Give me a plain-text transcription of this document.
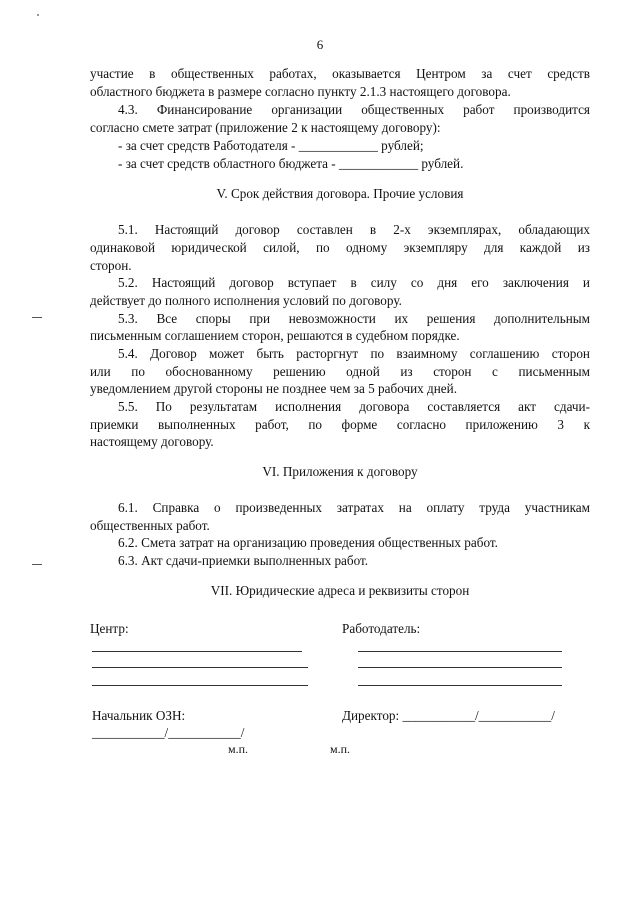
6
участие в общественных работах, оказывается Центром за счет средств
областного бюджета в размере согласно пункту 2.1.3 настоящего договора.
4.3. Финансирование организации общественных работ производится
согласно смете затрат (приложение 2 к настоящему договору):
- за счет средств Работодателя - ____________ рублей;
- за счет средств областного бюджета - ____________ рублей.
V. Срок действия договора. Прочие условия
5.1. Настоящий договор составлен в 2-х экземплярах, обладающих
одинаковой юридической силой, по одному экземпляру для каждой из
сторон.
5.2. Настоящий договор вступает в силу со дня его заключения и
действует до полного исполнения условий по договору.
5.3. Все споры при невозможности их решения дополнительным
письменным соглашением сторон, решаются в судебном порядке.
5.4. Договор может быть расторгнут по взаимному соглашению сторон
или по обоснованному решению одной из сторон с письменным
уведомлением другой стороны не позднее чем за 5 рабочих дней.
5.5. По результатам исполнения договора составляется акт сдачи-
приемки выполненных работ, по форме согласно приложению 3 к
настоящему договору.
VI. Приложения к договору
6.1. Справка о произведенных затратах на оплату труда участникам
общественных работ.
6.2. Смета затрат на организацию проведения общественных работ.
6.3. Акт сдачи-приемки выполненных работ.
VII. Юридические адреса и реквизиты сторон
Центр:	Работодатель:
Начальник ОЗН:	Директор: ___________/___________/
___________/___________/
м.п.	м.п.
